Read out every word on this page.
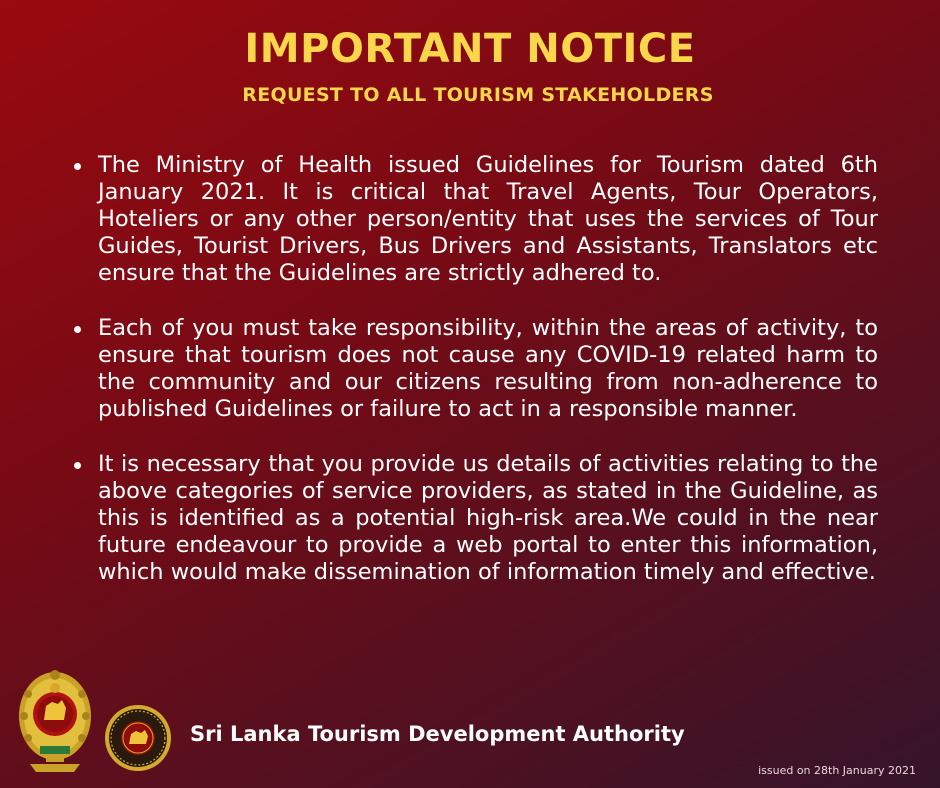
IMPORTANT NOTICE
REQUEST TO ALL TOURISM STAKEHOLDERS
The Ministry of Health issued Guidelines for Tourism dated 6th January 2021. It is critical that Travel Agents, Tour Operators, Hoteliers or any other person/entity that uses the services of Tour Guides, Tourist Drivers, Bus Drivers and Assistants, Translators etc ensure that the Guidelines are strictly adhered to.
Each of you must take responsibility, within the areas of activity, to ensure that tourism does not cause any COVID-19 related harm to the community and our citizens resulting from non-adherence to published Guidelines or failure to act in a responsible manner.
It is necessary that you provide us details of activities relating to the above categories of service providers, as stated in the Guideline, as this is identified as a potential high-risk area.We could in the near future endeavour to provide a web portal to enter this information, which would make dissemination of information timely and effective.
Sri Lanka Tourism Development Authority
issued on 28th January 2021
